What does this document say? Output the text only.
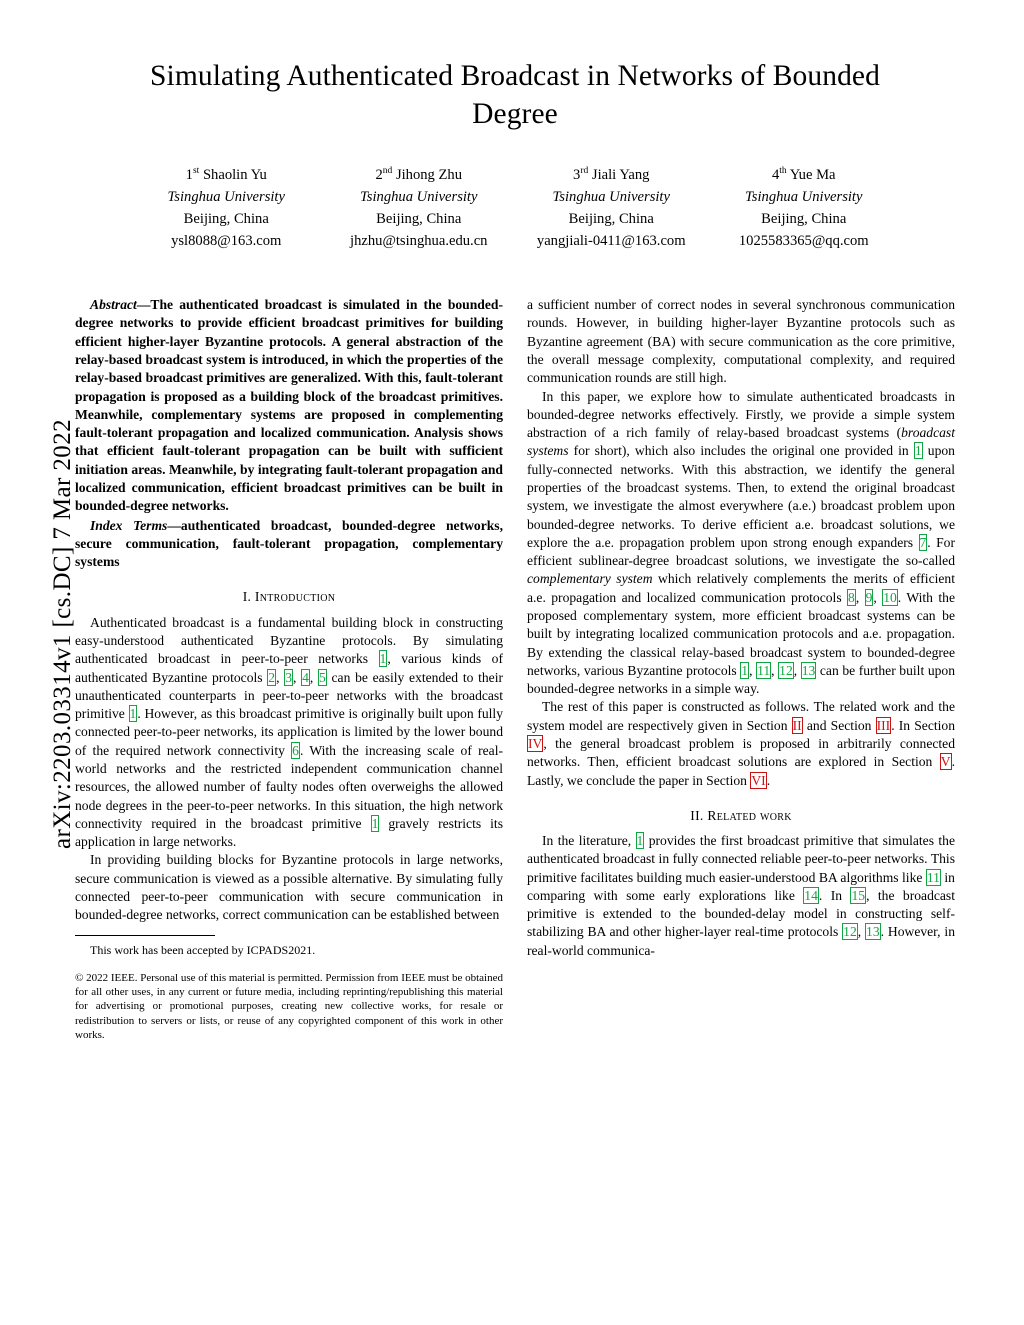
arXiv:2203.03314v1 [cs.DC] 7 Mar 2022
Simulating Authenticated Broadcast in Networks of Bounded Degree
1st Shaolin Yu
Tsinghua University
Beijing, China
ysl8088@163.com
2nd Jihong Zhu
Tsinghua University
Beijing, China
jhzhu@tsinghua.edu.cn
3rd Jiali Yang
Tsinghua University
Beijing, China
yangjiali-0411@163.com
4th Yue Ma
Tsinghua University
Beijing, China
1025583365@qq.com
Abstract—The authenticated broadcast is simulated in the bounded-degree networks to provide efficient broadcast primitives for building efficient higher-layer Byzantine protocols. A general abstraction of the relay-based broadcast system is introduced, in which the properties of the relay-based broadcast primitives are generalized. With this, fault-tolerant propagation is proposed as a building block of the broadcast primitives. Meanwhile, complementary systems are proposed in complementing fault-tolerant propagation and localized communication. Analysis shows that efficient fault-tolerant propagation can be built with sufficient initiation areas. Meanwhile, by integrating fault-tolerant propagation and localized communication, efficient broadcast primitives can be built in bounded-degree networks.
Index Terms—authenticated broadcast, bounded-degree networks, secure communication, fault-tolerant propagation, complementary systems
I. Introduction

Authenticated broadcast is a fundamental building block in constructing easy-understood authenticated Byzantine protocols. By simulating authenticated broadcast in peer-to-peer networks 1, various kinds of authenticated Byzantine protocols 2, 3, 4, 5 can be easily extended to their unauthenticated counterparts in peer-to-peer networks with the broadcast primitive 1. However, as this broadcast primitive is originally built upon fully connected peer-to-peer networks, its application is limited by the lower bound of the required network connectivity 6. With the increasing scale of real-world networks and the restricted independent communication channel resources, the allowed number of faulty nodes often overweighs the allowed node degrees in the peer-to-peer networks. In this situation, the high network connectivity required in the broadcast primitive 1 gravely restricts its application in large networks.

In providing building blocks for Byzantine protocols in large networks, secure communication is viewed as a possible alternative. By simulating fully connected peer-to-peer communication with secure communication in bounded-degree networks, correct communication can be established between

This work has been accepted by ICPADS2021.
© 2022 IEEE. Personal use of this material is permitted. Permission from IEEE must be obtained for all other uses, in any current or future media, including reprinting/republishing this material for advertising or promotional purposes, creating new collective works, for resale or redistribution to servers or lists, or reuse of any copyrighted component of this work in other works.

a sufficient number of correct nodes in several synchronous communication rounds. However, in building higher-layer Byzantine protocols such as Byzantine agreement (BA) with secure communication as the core primitive, the overall message complexity, computational complexity, and required communication rounds are still high.

In this paper, we explore how to simulate authenticated broadcasts in bounded-degree networks effectively. Firstly, we provide a simple system abstraction of a rich family of relay-based broadcast systems (broadcast systems for short), which also includes the original one provided in 1 upon fully-connected networks. With this abstraction, we identify the general properties of the broadcast systems. Then, to extend the original broadcast system, we investigate the almost everywhere (a.e.) broadcast problem upon bounded-degree networks. To derive efficient a.e. broadcast solutions, we explore the a.e. propagation problem upon strong enough expanders 7. For efficient sublinear-degree broadcast solutions, we investigate the so-called complementary system which relatively complements the merits of efficient a.e. propagation and localized communication protocols 8, 9, 10. With the proposed complementary system, more efficient broadcast systems can be built by integrating localized communication protocols and a.e. propagation. By extending the classical relay-based broadcast system to bounded-degree networks, various Byzantine protocols 1, 11, 12, 13 can be further built upon bounded-degree networks in a simple way.

The rest of this paper is constructed as follows. The related work and the system model are respectively given in Section II and Section III. In Section IV, the general broadcast problem is proposed in arbitrarily connected networks. Then, efficient broadcast solutions are explored in Section V. Lastly, we conclude the paper in Section VI.

II. Related work

In the literature, 1 provides the first broadcast primitive that simulates the authenticated broadcast in fully connected reliable peer-to-peer networks. This primitive facilitates building much easier-understood BA algorithms like 11 in comparing with some early explorations like 14. In 15, the broadcast primitive is extended to the bounded-delay model in constructing self-stabilizing BA and other higher-layer real-time protocols 12, 13. However, in real-world communica-
